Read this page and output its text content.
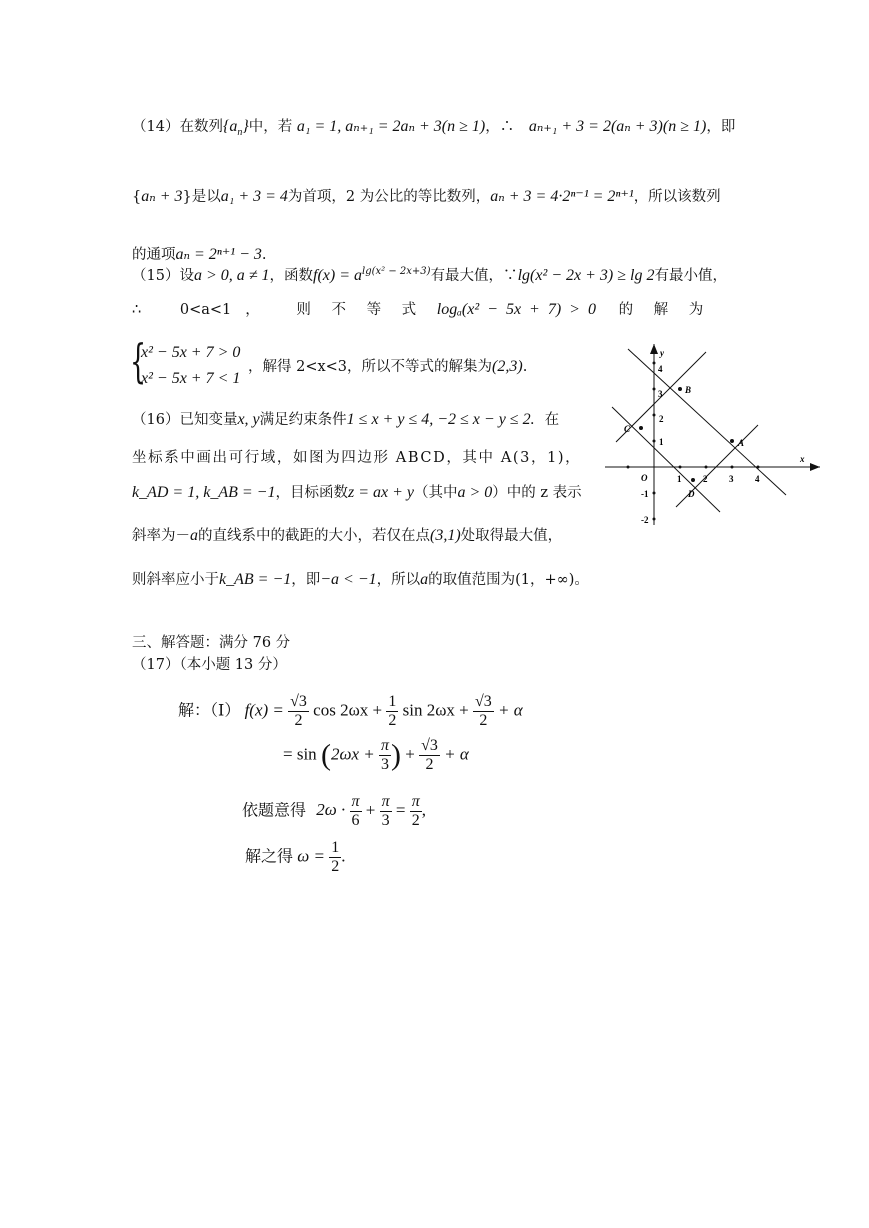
（14）在数列$\{a_n\}$中，若 a₁ = 1, aₙ₊₁ = 2aₙ + 3(n ≥ 1)，∴ aₙ₊₁ + 3 = 2(aₙ + 3)(n ≥ 1)，即
{aₙ + 3}是以a₁ + 3 = 4为首项，2 为公比的等比数列，aₙ + 3 = 4·2ⁿ⁻¹ = 2ⁿ⁺¹，所以该数列
的通项aₙ = 2ⁿ⁺¹ − 3.
（15）设a > 0, a ≠ 1，函数$f(x) = a^{lg(x^2 - 2x+3)}$有最大值，∵lg(x² − 2x + 3) ≥ lg 2有最小值，
∴	0<a<1 ，	则 不 等 式 logₐ(x² − 5x + 7) > 0 的 解 为
{
x² − 5x + 7 > 0
x² − 5x + 7 < 1
，解得 2<x<3，所以不等式的解集为(2,3).
（16）已知变量x, y满足约束条件1 ≤ x + y ≤ 4, −2 ≤ x − y ≤ 2. 在
坐标系中画出可行域，如图为四边形 ABCD，其中 A(3，1)，
k_AD = 1, k_AB = −1，目标函数z = ax + y（其中a > 0）中的 z 表示
斜率为－a的直线系中的截距的大小，若仅在点(3,1)处取得最大值，
则斜率应小于k_AB = −1，即−a < −1，所以a的取值范围为(1，+∞)。
x
y
O	1 2 3 4
4
3
2
1
-1
-2
A
B
C
D
三、解答题：满分 76 分
（17）（本小题 13 分）
解：（Ⅰ） $f(x) = \frac{√3}{2}$ $\cos 2\omega x + \frac{1}{2}$ $\sin 2\omega x + \frac{√3}{2} + \alpha$
= $\sin (2\omega x + \frac{\pi}{3}$ ) + $\frac{√3}{2} + \alpha$
依题意得 $2\omega \cdot \frac{\pi}{6} + \frac{\pi}{3} = \frac{\pi}{2}$ ,
解之得 $\omega = \frac{1}{2}$ .
